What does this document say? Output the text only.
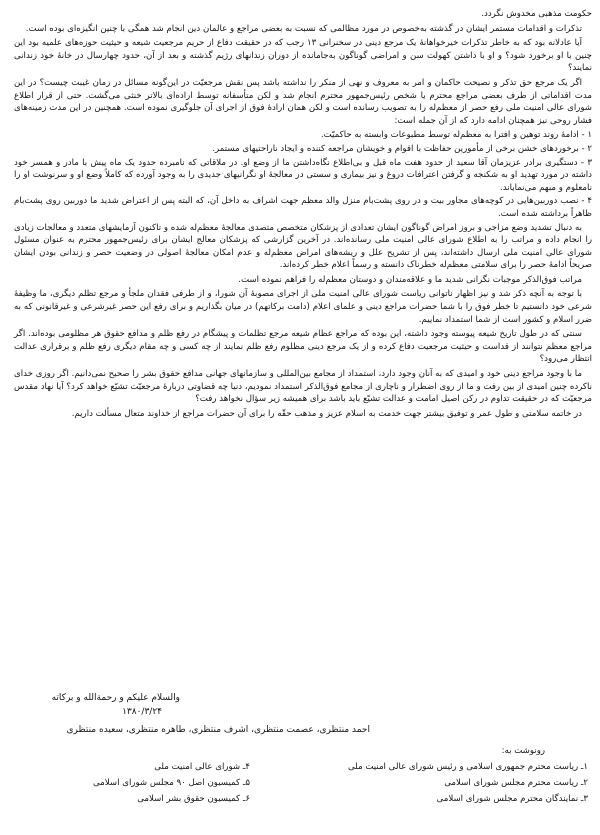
حکومت مذهبی مخدوش نگردد.

تذکرات و اقدامات مستمر ایشان در گذشته به‌خصوص در مورد مظالمی که نسبت به بعضی مراجع و عالمان دین انجام شد همگی با چنین انگیزه‌ای بوده است.

آیا عادلانه بود که به خاطر تذکرات خیرخواهانهٔ یک مرجع دینی در سخنرانی ۱۳ رجب که در حقیقت دفاع از حریم مرجعیت شیعه و حیثیت حوزه‌های علمیه بود این چنین با او برخورد شود؟ و او با داشتن کهولت سن و امراضی گوناگون به‌جامانده از دوران زندانهای رژیم گذشته و بعد از آن، حدود چهارسال در خانهٔ خود زندانی نمایند؟

اگر یک مرجع حق تذکر و نصیحت حاکمان و امر به معروف و نهی از منکر را نداشته باشد پس نقش مرجعیّت در این‌گونه مسائل در زمان غیبت چیست؟ در این مدت اقداماتی از طرف بعضی مراجع محترم یا شخص رئیس‌جمهور محترم انجام شد و لکن متأسفانه توسط اراده‌ای بالاتر خنثی می‌گشت. حتی از قرار اطلاع شورای عالی امنیت ملی رفع حصر از معظم‌له را به تصویب رسانده است و لکن همان ارادهٔ فوق از اجرای آن جلوگیری نموده است. همچنین در این مدت زمینه‌های فشار روحی نیز همچنان ادامه دارد که از آن جمله است:

۱ - ادامهٔ روند توهین و افترا به معظم‌له توسط مطبوعات وابسته به حاکمیّت.

۲ - برخوردهای خشن برخی از مأمورین حفاظت با اقوام و خویشان مراجعه کننده و ایجاد ناراحتیهای مستمر.

۳ - دستگیری برادر عزیزمان آقا سعید از حدود هفت ماه قبل و بی‌اطلاع نگاه‌داشتن ما از وضع او. در ملاقاتی که نامبرده حدود یک ماه پیش با مادر و همسر خود داشته در مورد تهدید او به شکنجه و گرفتن اعترافات دروغ و نیز بیماری و سستی در معالجهٔ او نگرانیهای جدیدی را به وجود آورده که کاملاً وضع او و سرنوشت او را نامعلوم و مبهم می‌نمایاند.

۴ - نصب دوربین‌هایی در کوچه‌های مجاور بیت و در روی پشت‌بام منزل والد معظم جهت اشراف به داخل آن، که البته پس از اعتراض شدید ما دوربین روی پشت‌بام ظاهراً برداشته شده است.

به دنبال تشدید وضع مزاجی و بروز امراض گوناگون ایشان تعدادی از پزشکان متخصص متصدی معالجهٔ معظم‌له شده و تاکنون آزمایشهای متعدد و معالجات زیادی را انجام داده و مراتب را به اطلاع شورای عالی امنیت ملی رسانده‌اند. در آخرین گزارشی که پزشکان معالج ایشان برای رئیس‌جمهور محترم به عنوان مسئول شورای عالی امنیت ملی ارسال داشته‌اند، پس از تشریح علل و ریشه‌های امراض معظم‌له و عدم امکان معالجهٔ اصولی در وضعیت حصر و زندانی بودن ایشان صریحاً ادامهٔ حصر را برای سلامتی معظم‌له خطرناک دانسته و رسماً اعلام خطر کرده‌اند.

مراتب فوق‌الذکر موجبات نگرانی شدید ما و علاقه‌مندان و دوستان معظم‌له را فراهم نموده است.

با توجه به آنچه ذکر شد و نیز اظهار ناتوانی ریاست شورای عالی امنیت ملی از اجرای مصوبهٔ آن شورا، و از طرفی فقدان ملجأ و مرجع تظلم دیگری، ما وظیفهٔ شرعی خود دانستیم تا خطر فوق را با شما حضرات مراجع دینی و علمای اعلام (دامت برکاتهم) در میان بگذاریم و برای رفع این حصر غیرشرعی و غیرقانونی که به ضرر اسلام و کشور است از شما استمداد نماییم.

سنتی که در طول تاریخ شیعه پیوسته وجود داشته، این بوده که مراجع عظام شیعه مرجع تظلمات و پیشگام در رفع ظلم و مدافع حقوق هر مظلومی بوده‌اند. اگر مراجع معظم نتوانند از قداست و حیثیت مرجعیت دفاع کرده و از یک مرجع دینی مظلوم رفع ظلم نمایند از چه کسی و چه مقام دیگری رفع ظلم و برقراری عدالت انتظار می‌رود؟

ما با وجود مراجع دینی خود و امیدی که به آنان وجود دارد، استمداد از مجامع بین‌المللی و سازمانهای جهانی مدافع حقوق بشر را صحیح نمی‌دانیم. اگر روزی خدای ناکرده چنین امیدی از بین رفت و ما از روی اضطرار و ناچاری از مجامع فوق‌الذکر استمداد نمودیم، دنیا چه قضاوتی دربارهٔ مرجعیّت تشیّع خواهد کرد؟ آیا نهاد مقدس مرجعیّت که در حقیقت تداوم در رکن اصیل امامت و عدالت تشیّع باید باشد برای همیشه زیر سؤال نخواهد رفت؟

در خاتمه سلامتی و طول عمر و توفیق بیشتر جهت خدمت به اسلام عزیز و مذهب حقّه را برای آن حضرات مراجع از خداوند متعال مسألت داریم.

والسلام علیکم و رحمةالله و برکاته
۱۳۸۰/۳/۲۴
احمد منتظری، عصمت منتظری، اشرف منتظری، طاهره منتظری، سعیده منتظری
رونوشت به:
۱ـ ریاست محترم جمهوری اسلامی و رئیس شورای عالی امنیت ملی
۲ـ ریاست محترم مجلس شورای اسلامی
۳ـ نمایندگان محترم مجلس شورای اسلامی
۴ـ شورای عالی امنیت ملی
۵ـ کمیسیون اصل ۹۰ مجلس شورای اسلامی
۶ـ کمیسیون حقوق بشر اسلامی
